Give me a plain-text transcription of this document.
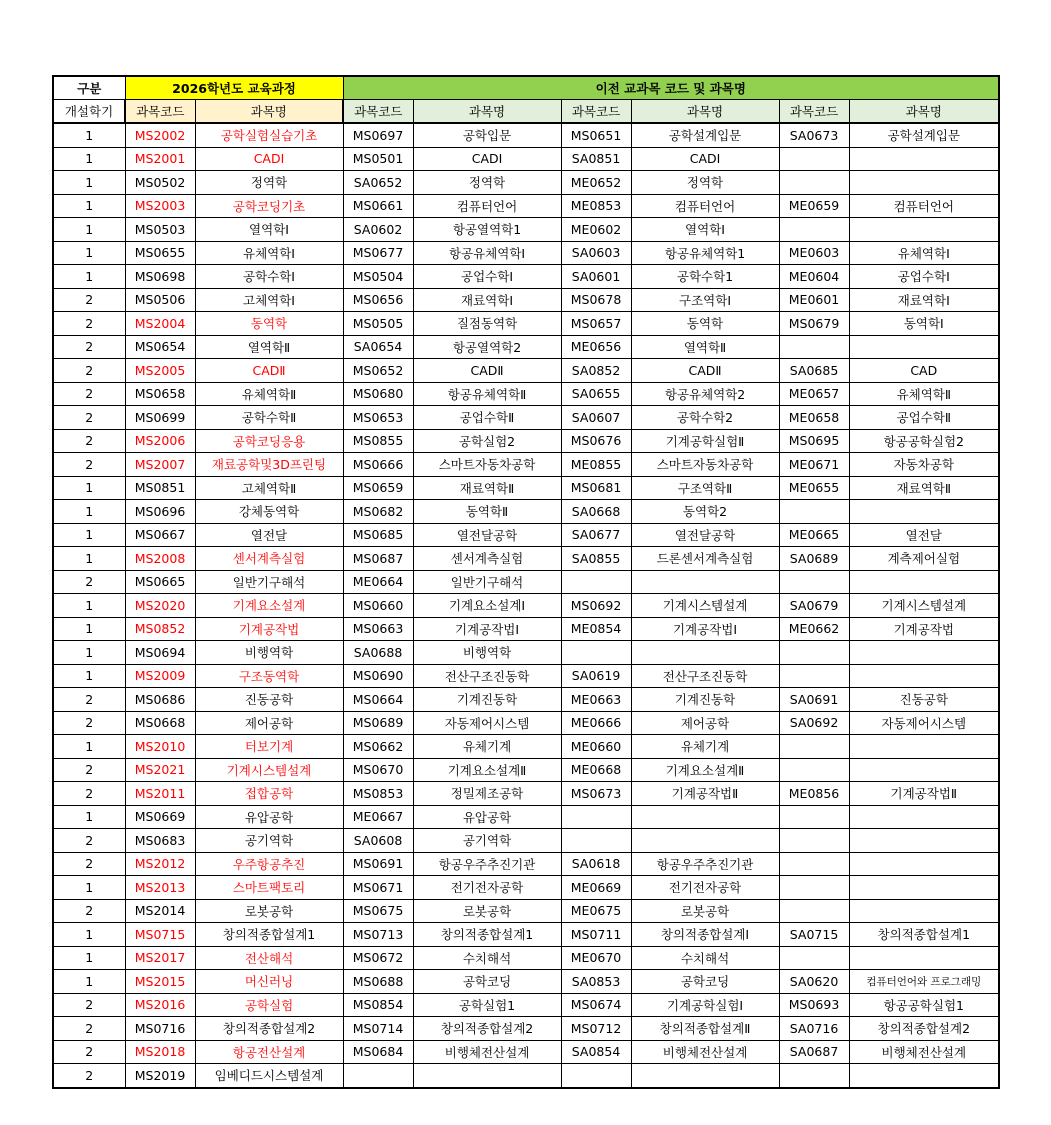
구분	2026학년도 교육과정		이전 교과목 코드 및 과목명					
개설학기	과목코드	과목명	과목코드	과목명	과목코드	과목명	과목코드	과목명
1	MS2002	공학실험실습기초	MS0697	공학입문	MS0651	공학설계입문	SA0673	공학설계입문
1	MS2001	CADⅠ	MS0501	CADⅠ	SA0851	CADⅠ		
1	MS0502	정역학	SA0652	정역학	ME0652	정역학		
1	MS2003	공학코딩기초	MS0661	컴퓨터언어	ME0853	컴퓨터언어	ME0659	컴퓨터언어
1	MS0503	열역학Ⅰ	SA0602	항공열역학1	ME0602	열역학Ⅰ		
1	MS0655	유체역학Ⅰ	MS0677	항공유체역학Ⅰ	SA0603	항공유체역학1	ME0603	유체역학Ⅰ
1	MS0698	공학수학Ⅰ	MS0504	공업수학Ⅰ	SA0601	공학수학1	ME0604	공업수학Ⅰ
2	MS0506	고체역학Ⅰ	MS0656	재료역학Ⅰ	MS0678	구조역학Ⅰ	ME0601	재료역학Ⅰ
2	MS2004	동역학	MS0505	질점동역학	MS0657	동역학	MS0679	동역학Ⅰ
2	MS0654	열역학Ⅱ	SA0654	항공열역학2	ME0656	열역학Ⅱ		
2	MS2005	CADⅡ	MS0652	CADⅡ	SA0852	CADⅡ	SA0685	CAD
2	MS0658	유체역학Ⅱ	MS0680	항공유체역학Ⅱ	SA0655	항공유체역학2	ME0657	유체역학Ⅱ
2	MS0699	공학수학Ⅱ	MS0653	공업수학Ⅱ	SA0607	공학수학2	ME0658	공업수학Ⅱ
2	MS2006	공학코딩응용	MS0855	공학실험2	MS0676	기계공학실험Ⅱ	MS0695	항공공학실험2
2	MS2007	재료공학및3D프린팅	MS0666	스마트자동차공학	ME0855	스마트자동차공학	ME0671	자동차공학
1	MS0851	고체역학Ⅱ	MS0659	재료역학Ⅱ	MS0681	구조역학Ⅱ	ME0655	재료역학Ⅱ
1	MS0696	강체동역학	MS0682	동역학Ⅱ	SA0668	동역학2		
1	MS0667	열전달	MS0685	열전달공학	SA0677	열전달공학	ME0665	열전달
1	MS2008	센서계측실험	MS0687	센서계측실험	SA0855	드론센서계측실험	SA0689	계측제어실험
2	MS0665	일반기구해석	ME0664	일반기구해석				
1	MS2020	기계요소설계	MS0660	기계요소설계Ⅰ	MS0692	기계시스템설계	SA0679	기계시스템설계
1	MS0852	기계공작법	MS0663	기계공작법Ⅰ	ME0854	기계공작법Ⅰ	ME0662	기계공작법
1	MS0694	비행역학	SA0688	비행역학				
1	MS2009	구조동역학	MS0690	전산구조진동학	SA0619	전산구조진동학		
2	MS0686	진동공학	MS0664	기계진동학	ME0663	기계진동학	SA0691	진동공학
2	MS0668	제어공학	MS0689	자동제어시스템	ME0666	제어공학	SA0692	자동제어시스템
1	MS2010	터보기계	MS0662	유체기계	ME0660	유체기계		
2	MS2021	기계시스템설계	MS0670	기계요소설계Ⅱ	ME0668	기계요소설계Ⅱ		
2	MS2011	접합공학	MS0853	정밀제조공학	MS0673	기계공작법Ⅱ	ME0856	기계공작법Ⅱ
1	MS0669	유압공학	ME0667	유압공학				
2	MS0683	공기역학	SA0608	공기역학				
2	MS2012	우주항공추진	MS0691	항공우주추진기관	SA0618	항공우주추진기관		
1	MS2013	스마트팩토리	MS0671	전기전자공학	ME0669	전기전자공학		
2	MS2014	로봇공학	MS0675	로봇공학	ME0675	로봇공학		
1	MS0715	창의적종합설계1	MS0713	창의적종합설계1	MS0711	창의적종합설계Ⅰ	SA0715	창의적종합설계1
1	MS2017	전산해석	MS0672	수치해석	ME0670	수치해석		
1	MS2015	머신러닝	MS0688	공학코딩	SA0853	공학코딩	SA0620	컴퓨터언어와 프로그래밍
2	MS2016	공학실험	MS0854	공학실험1	MS0674	기계공학실험Ⅰ	MS0693	항공공학실험1
2	MS0716	창의적종합설계2	MS0714	창의적종합설계2	MS0712	창의적종합설계Ⅱ	SA0716	창의적종합설계2
2	MS2018	항공전산설계	MS0684	비행체전산설계	SA0854	비행체전산설계	SA0687	비행체전산설계
2	MS2019	임베디드시스템설계						
